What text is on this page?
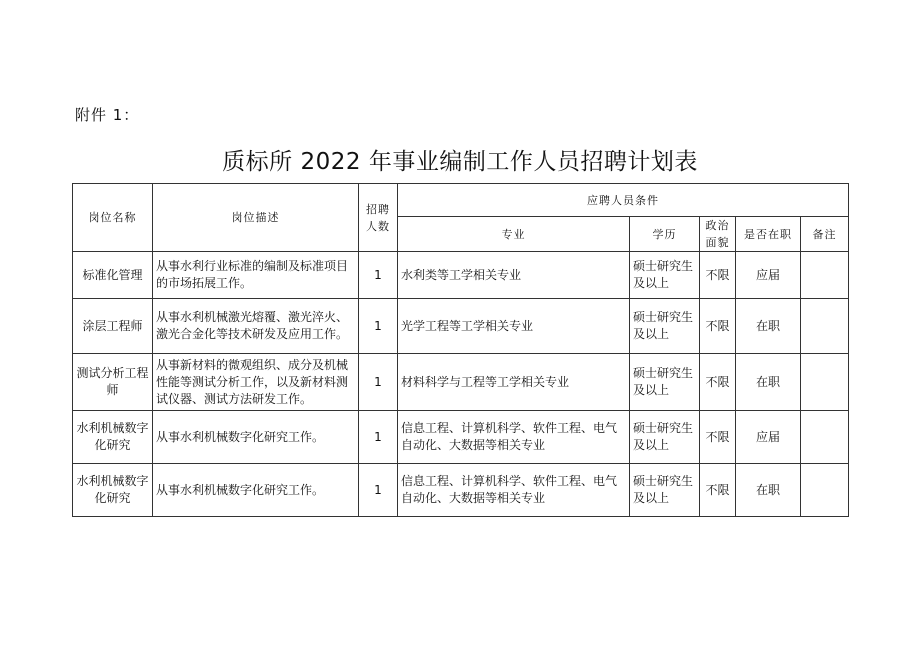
附件 1：
质标所 2022 年事业编制工作人员招聘计划表
岗位名称	岗位描述	招聘人数	应聘人员条件				
			专业	学历	政治面貌	是否在职	备注
标准化管理	从事水利行业标准的编制及标准项目的市场拓展工作。	1	水利类等工学相关专业	硕士研究生及以上	不限	应届	
涂层工程师	从事水利机械激光熔覆、激光淬火、激光合金化等技术研发及应用工作。	1	光学工程等工学相关专业	硕士研究生及以上	不限	在职	
测试分析工程师	从事新材料的微观组织、成分及机械性能等测试分析工作，以及新材料测试仪器、测试方法研发工作。	1	材料科学与工程等工学相关专业	硕士研究生及以上	不限	在职	
水利机械数字化研究	从事水利机械数字化研究工作。	1	信息工程、计算机科学、软件工程、电气自动化、大数据等相关专业	硕士研究生及以上	不限	应届	
水利机械数字化研究	从事水利机械数字化研究工作。	1	信息工程、计算机科学、软件工程、电气自动化、大数据等相关专业	硕士研究生及以上	不限	在职	
